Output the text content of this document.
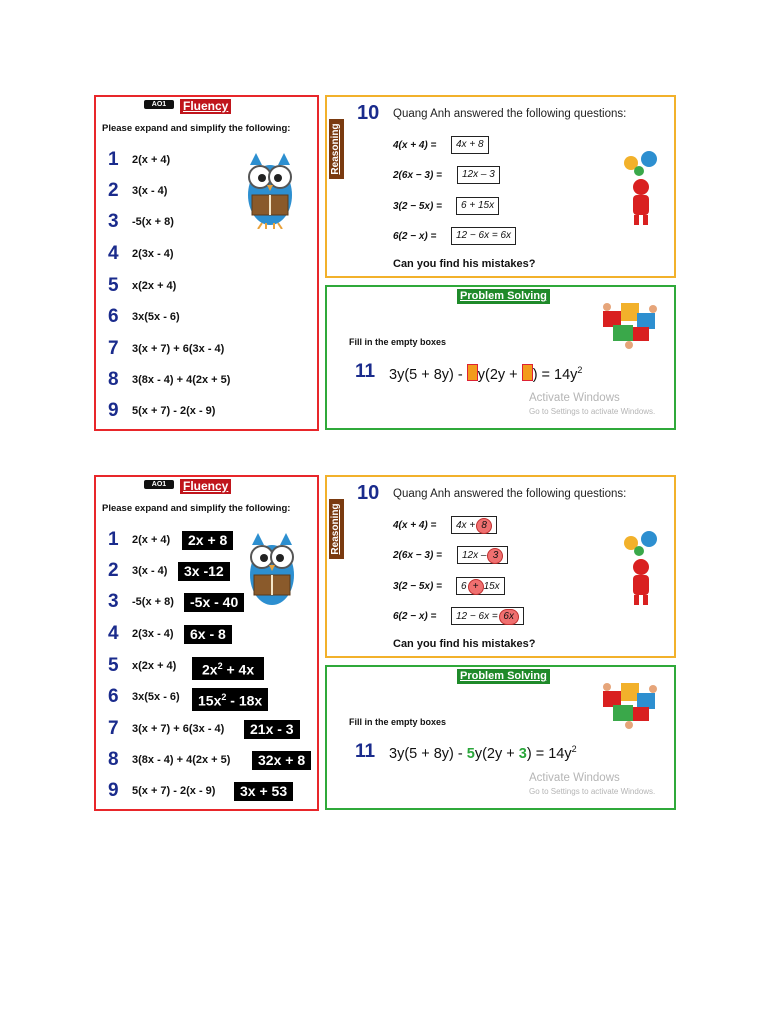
AO1	Fluency
Please expand and simplify the following:
1 2(x + 4)
2 3(x - 4)
3 -5(x + 8)
4 2(3x - 4)
5 x(2x + 4)
6 3x(5x - 6)
7 3(x + 7) + 6(3x - 4)
8 3(8x - 4) + 4(2x + 5)
9 5(x + 7) - 2(x - 9)
Reasoning
10 Quang Anh answered the following questions:
4(x + 4) =	4x + 8
2(6x − 3) =	12x – 3
3(2 − 5x) =	6 + 15x
6(2 − x) =	12 − 6x = 6x
Can you find his mistakes?
Problem Solving
Fill in the empty boxes
11 3y(5 + 8y) - y(2y + ) = $14y^2$
Activate Windows
Go to Settings to activate Windows.
AO1	Fluency
Please expand and simplify the following:
1 2(x + 4)	2x + 8
2 3(x - 4)	3x -12
3 -5(x + 8)	-5x - 40
4 2(3x - 4)	6x - 8
5 x(2x + 4)	$2x^2 + 4x$
6 3x(5x - 6)	$15x^2 - 18x$
7 3(x + 7) + 6(3x - 4)	21x - 3
8 3(8x - 4) + 4(2x + 5)	32x + 8
9 5(x + 7) - 2(x - 9)	3x + 53
Reasoning
10 Quang Anh answered the following questions:
4(x + 4) =	4x + 8
2(6x − 3) =	12x – 3
3(2 − 5x) =	6 + 15x
6(2 − x) =	12 − 6x = 6x
Can you find his mistakes?
Problem Solving
Fill in the empty boxes
11 $3y(5 + 8y) - 5y(2y + 3) = 14y^2$
Activate Windows
Go to Settings to activate Windows.
